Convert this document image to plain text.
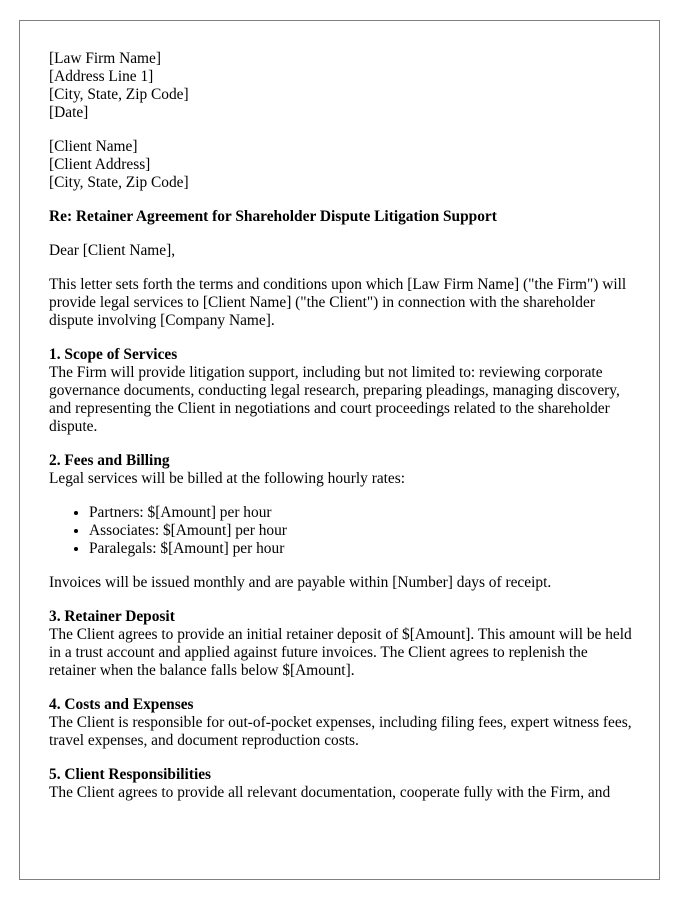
[Law Firm Name]
[Address Line 1]
[City, State, Zip Code]
[Date]
[Client Name]
[Client Address]
[City, State, Zip Code]

Re: Retainer Agreement for Shareholder Dispute Litigation Support

Dear [Client Name],

This letter sets forth the terms and conditions upon which [Law Firm Name] ("the Firm") will provide legal services to [Client Name] ("the Client") in connection with the shareholder dispute involving [Company Name].

1. Scope of Services

The Firm will provide litigation support, including but not limited to: reviewing corporate governance documents, conducting legal research, preparing pleadings, managing discovery, and representing the Client in negotiations and court proceedings related to the shareholder dispute.

2. Fees and Billing

Legal services will be billed at the following hourly rates:

• Partners: $[Amount] per hour
• Associates: $[Amount] per hour
• Paralegals: $[Amount] per hour

Invoices will be issued monthly and are payable within [Number] days of receipt.

3. Retainer Deposit

The Client agrees to provide an initial retainer deposit of $[Amount]. This amount will be held in a trust account and applied against future invoices. The Client agrees to replenish the retainer when the balance falls below $[Amount].

4. Costs and Expenses

The Client is responsible for out-of-pocket expenses, including filing fees, expert witness fees, travel expenses, and document reproduction costs.

5. Client Responsibilities

The Client agrees to provide all relevant documentation, cooperate fully with the Firm, and
